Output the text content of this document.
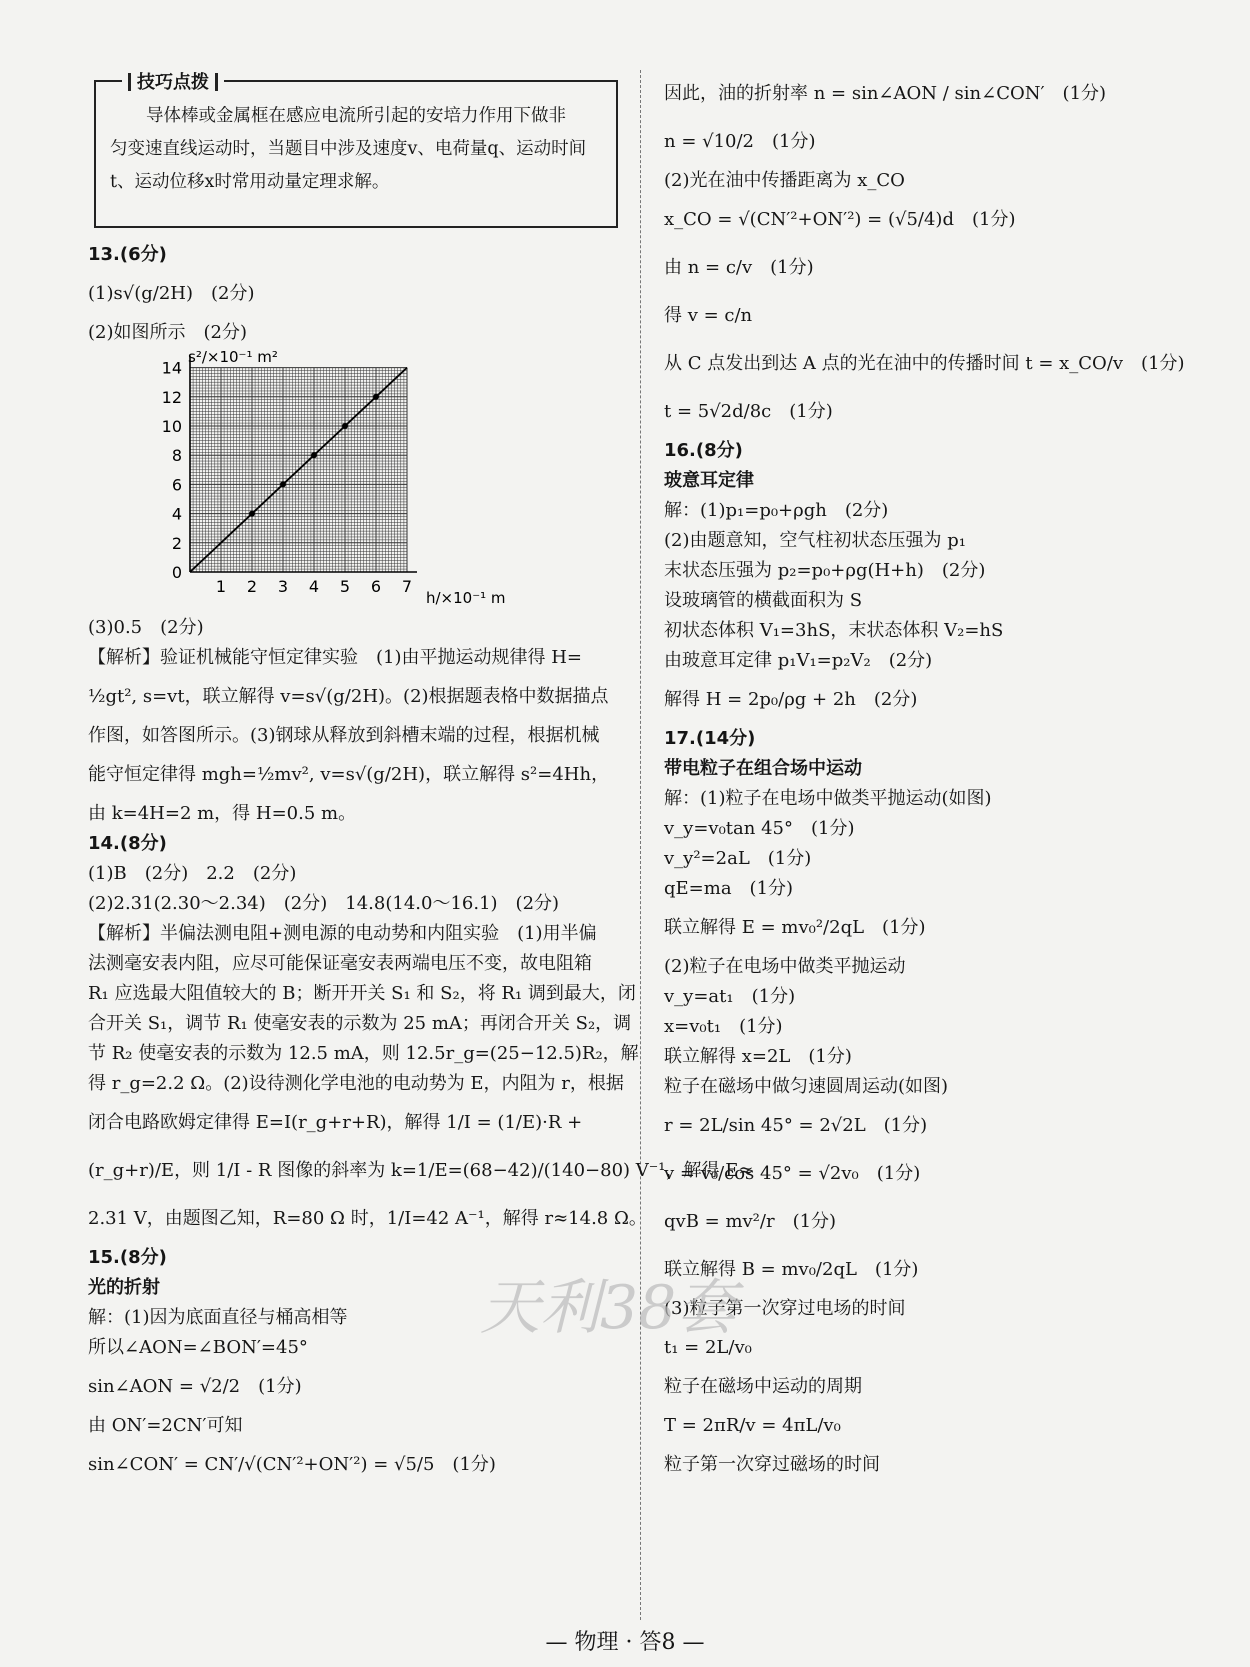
技巧点拨

导体棒或金属框在感应电流所引起的安培力作用下做非

匀变速直线运动时，当题目中涉及速度v、电荷量q、运动时间

t、运动位移x时常用动量定理求解。

13.(6分)

(1)s√(g/2H)　(2分)

(2)如图所示　(2分)

1 2 3 4 5 6 7
0
2
4
6
8
10
12
14
s²/×10⁻¹ m²
h/×10⁻¹ m

(3)0.5　(2分)

【解析】验证机械能守恒定律实验　(1)由平抛运动规律得 H=

½gt², s=vt，联立解得 v=s√(g/2H)。(2)根据题表格中数据描点

作图，如答图所示。(3)钢球从释放到斜槽末端的过程，根据机械

能守恒定律得 mgh=½mv², v=s√(g/2H)，联立解得 s²=4Hh，

由 k=4H=2 m，得 H=0.5 m。

14.(8分)

(1)B　(2分)　2.2　(2分)

(2)2.31(2.30～2.34)　(2分)　14.8(14.0～16.1)　(2分)

【解析】半偏法测电阻+测电源的电动势和内阻实验　(1)用半偏

法测毫安表内阻，应尽可能保证毫安表两端电压不变，故电阻箱

R₁ 应选最大阻值较大的 B；断开开关 S₁ 和 S₂，将 R₁ 调到最大，闭

合开关 S₁，调节 R₁ 使毫安表的示数为 25 mA；再闭合开关 S₂，调

节 R₂ 使毫安表的示数为 12.5 mA，则 12.5r_g=(25−12.5)R₂，解

得 r_g=2.2 Ω。(2)设待测化学电池的电动势为 E，内阻为 r，根据

闭合电路欧姆定律得 E=I(r_g+r+R)，解得 1/I = (1/E)·R +

(r_g+r)/E，则 1/I - R 图像的斜率为 k=1/E=(68−42)/(140−80) V⁻¹，解得 E≈

2.31 V，由题图乙知，R=80 Ω 时，1/I=42 A⁻¹，解得 r≈14.8 Ω。

15.(8分)

光的折射

解：(1)因为底面直径与桶高相等

所以∠AON=∠BON′=45°

sin∠AON = √2/2　(1分)

由 ON′=2CN′可知

sin∠CON′ = CN′/√(CN′²+ON′²) = √5/5　(1分)

因此，油的折射率 n = sin∠AON / sin∠CON′　(1分)

n = √10/2　(1分)

(2)光在油中传播距离为 x_CO

x_CO = √(CN′²+ON′²) = (√5/4)d　(1分)

由 n = c/v　(1分)

得 v = c/n

从 C 点发出到达 A 点的光在油中的传播时间 t = x_CO/v　(1分)

t = 5√2d/8c　(1分)

16.(8分)

玻意耳定律

解：(1)p₁=p₀+ρgh　(2分)

(2)由题意知，空气柱初状态压强为 p₁

末状态压强为 p₂=p₀+ρg(H+h)　(2分)

设玻璃管的横截面积为 S

初状态体积 V₁=3hS，末状态体积 V₂=hS

由玻意耳定律 p₁V₁=p₂V₂　(2分)

解得 H = 2p₀/ρg + 2h　(2分)

17.(14分)

带电粒子在组合场中运动

解：(1)粒子在电场中做类平抛运动(如图)

v_y=v₀tan 45°　(1分)

v_y²=2aL　(1分)

qE=ma　(1分)

联立解得 E = mv₀²/2qL　(1分)

(2)粒子在电场中做类平抛运动

v_y=at₁　(1分)

x=v₀t₁　(1分)

联立解得 x=2L　(1分)

粒子在磁场中做匀速圆周运动(如图)

r = 2L/sin 45° = 2√2L　(1分)

v = v₀/cos 45° = √2v₀　(1分)

qvB = mv²/r　(1分)

联立解得 B = mv₀/2qL　(1分)

(3)粒子第一次穿过电场的时间

t₁ = 2L/v₀

粒子在磁场中运动的周期

T = 2πR/v = 4πL/v₀

粒子第一次穿过磁场的时间

天利38套
— 物理 · 答8 —
